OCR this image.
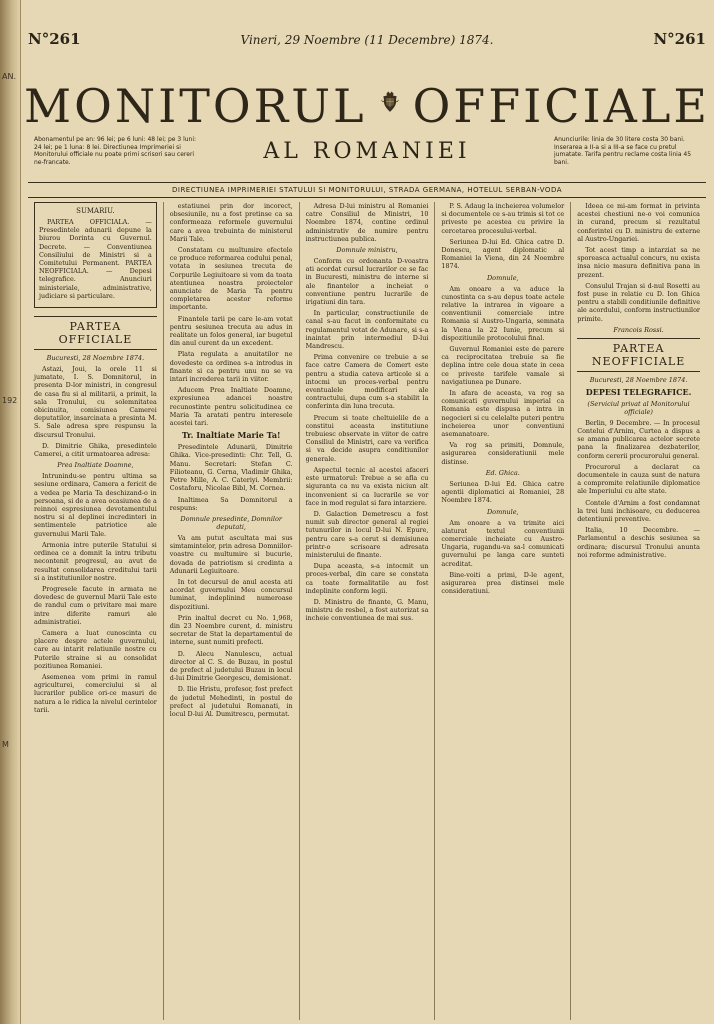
AN.
192
M
N°261	Vineri, 29 Noembre (11 Decembre) 1874.	N°261
MONITORUL OFFICIALE
AL ROMANIEI
Abonamentul pe an: 96 lei; pe 6 luni: 48 lei; pe 3 luni: 24 lei; pe 1 luna: 8 lei. Directiunea Imprimeriei si Monitorului officiale nu poate primi scrisori sau cereri ne-francate.
Anunciurile: linia de 30 litere costa 30 bani. Inserarea a II-a si a III-a se face cu pretul jumatate. Tarifa pentru reclame costa linia 45 bani.
DIRECTIUNEA IMPRIMERIEI STATULUI SI MONITORULUI, STRADA GERMANA, HOTELUL SERBAN-VODA
SUMARIU.
PARTEA OFFICIALA. — Presedintele adunarii depune la biurou Dorinta cu Guvernul. Decrete. — Conventiunea Consiliului de Ministri si a Comitetului Permanent. PARTEA NEOFFICIALA. — Depesi telegrafice. Anunciuri ministeriale, administrative, judiciare si particulare.
PARTEA OFFICIALE
Bucuresti, 28 Noembre 1874.

Astazi, Joui, la orele 11 si jumatate, I. S. Domnitorul, in presenta D-lor ministri, in congresul de casa fiu si al militarii, a primit, la sala Tronului, cu solemnitatea obicinuita, comisiunea Camerei deputatilor, insarcinata a presinta M. S. Sale adresa spre respunsu la discursul Tronului.

D. Dimitrie Ghika, presedintele Camerei, a citit urmatoarea adresa:

Prea Inaltiate Doamne,

Intrunindu-se pentru ultima sa sesiune ordinara, Camera a fericit de a vedea pe Maria Ta deschizand-o in persoana, si de a avea ocasiunea de a reinnoi espresiunea devotamentului nostru si al deplinei incredinteri in sentimentele patriotice ale guvernului Marii Tale.

Armonia intre puterile Statului si ordinea ce a domnit la intru tributu necontenit progresul, au avut de resultat consolidarea creditului tarii si a institutiunilor nostre.

Progresele facute in armata ne dovedesc de guvernul Marii Tale este de randul cum o privitare mai mare intre diferite ramuri ale administratiei.

Camera a luat cunoscinta cu placere despre actele guvernului, care au intarit relatiunile nostre cu Puterile straine si au consolidat pozitiunea Romaniei.

Asemenea vom primi in ramul agriculturei, comerciului si al lucrarilor publice ori-ce masuri de natura a le ridica la nivelul cerintelor tarii.

estatiunei prin dor incorect, obsesiunile, nu a fost pretinse ca sa conformeaza reformele guvernului care a avea trebuinta de ministerul Marii Tale.

Constatam cu multumire efectele ce produce reformarea codului penal, votata in sesiunea trecuta de Corpurile Legiuitoare si vom da toata atentiunea noastra proiectelor anunciate de Maria Ta pentru completarea acestor reforme importante.

Finantele tarii pe care le-am votat pentru sesiunea trecuta au adus in realitate un folos general, iar bugetul din anul curent da un excedent.

Plata regulata a anuitatilor ne dovedeste ca ordinea s-a introdus in finante si ca pentru unu nu se va intari increderea tarii in viitor.

Aducem Prea Inaltiate Doamne, expresiunea adancei noastre recunostinte pentru solicitudinea ce Maria Ta aratati pentru interesele acestei tari.

Tr. Inaltiate Marie Ta!

Presedintele Adunarii, Dimitrie Ghika. Vice-presedinti: Chr. Tell, G. Manu. Secretari: Stefan C. Filioteanu, G. Cerna, Vladimir Ghika, Petre Mille, A. C. Cateriyi. Membrii: Costaforu, Nicolae Bibl, M. Cornea.

Inaltimea Sa Domnitorul a respuns:

Domnule presedinte, Domnilor deputati,

Va am putut ascultata mai sus simtamintelor, prin adresa Domniilor-voastre cu multumire si bucurie, dovada de patriotism si credinta a Adunarii Legiuitoare.

In tot decursul de anul acesta ati acordat guvernului Meu concursul luminat, indeplinind numeroase dispozitiuni.

Prin inaltul decret cu No. 1,968, din 23 Noembre curent, d. ministru secretar de Stat la departamentul de interne, sunt numiti prefecti.

D. Alecu Nanulescu, actual director al C. S. de Buzau, in postul de prefect al judetului Buzau in locul d-lui Dimitrie Georgescu, demisionat.

D. Ilie Hristu, profesor, fost prefect de judetul Mehedinti, in postul de prefect al judetului Romanati, in locul D-lui Al. Dumitrescu, permutat.

Adresa D-lui ministru al Romaniei catre Consiliul de Ministri, 10 Noembre 1874, contine ordinul administrativ de numire pentru instructiunea publica.

Domnule ministru,

Conform cu ordonanta D-voastra ati acordat cursul lucrarilor ce se fac in Bucuresti, ministru de interne si ale finantelor a incheiat o conventiune pentru lucrarile de irigatiuni din tara.

In particular, constructiunile de canal s-au facut in conformitate cu regulamentul votat de Adunare, si s-a inaintat prin intermediul D-lui Mandrescu.

Prima convenire ce trebuie a se face catre Camera de Comert este pentru a studia cateva articole si a intocmi un proces-verbal pentru eventualele modificari ale contractului, dupa cum s-a stabilit la conferinta din luna trecuta.

Precum si toate cheltuielile de a constitui aceasta institutiune trebuiesc observate in viitor de catre Consiliul de Ministri, care va verifica si va decide asupra conditiunilor generale.

Aspectul tecnic al acestei afaceri este urmatorul: Trebue a se afla cu siguranta ca nu va exista niciun alt inconvenient si ca lucrarile se vor face in mod regulat si fara intarziere.

D. Galaction Demetrescu a fost numit sub director general al regiei tutunurilor in locul D-lui N. Epure, pentru care s-a cerut si demisiunea printr-o scrisoare adresata ministerului de finante.

Dupa aceasta, s-a intocmit un proces-verbal, din care se constata ca toate formalitatile au fost indeplinite conform legii.

D. Ministru de finante, G. Manu, ministru de resbel, a fost autorizat sa incheie conventiunea de mai sus.

P. S. Adaug la incheierea volumelor si documentele ce s-au trimis si tot ce priveste pe acestea cu privire la cercetarea procesului-verbal.

Seriunea D-lui Ed. Ghica catre D. Donescu, agent diplomatic al Romaniei la Viena, din 24 Noembre 1874.

Domnule,

Am onoare a va aduce la cunostinta ca s-au depus toate actele relative la intrarea in vigoare a conventiunii comerciale intre Romania si Austro-Ungaria, semnata la Viena la 22 Iunie, precum si dispozitiunile protocolului final.

Guvernul Romaniei este de parere ca reciprocitatea trebuie sa fie deplina intre cele doua state in ceea ce priveste tarifele vamale si navigatiunea pe Dunare.

In afara de aceasta, va rog sa comunicati guvernului imperial ca Romania este dispusa a intra in negocieri si cu celelalte puteri pentru incheierea unor conventiuni asemanatoare.

Va rog sa primiti, Domnule, asigurarea consideratiunii mele distinse.

Ed. Ghica.

Seriunea D-lui Ed. Ghica catre agentii diplomatici ai Romaniei, 28 Noembre 1874.

Domnule,

Am onoare a va trimite aici alaturat textul conventiunii comerciale incheiate cu Austro-Ungaria, rugandu-va sa-l comunicati guvernului pe langa care sunteti acreditat.

Bine-voiti a primi, D-le agent, asigurarea prea distinsei mele consideratiuni.

Ideea ce mi-am format in privinta acestei chestiuni ne-o voi comunica in curand, precum si rezultatul conferintei cu D. ministru de externe al Austro-Ungariei.

Tot acest timp a intarziat sa ne sporeasca actualul concurs, nu exista insa nicio masura definitiva pana in prezent.

Consulul Trajan si d-nul Rosetti au fost puse in relatie cu D. Ion Ghica pentru a stabili conditiunile definitive ale acordului, conform instructiunilor primite.

Francois Rossi.
PARTEA NEOFFICIALE
Bucuresti, 28 Noembre 1874.
DEPESI TELEGRAFICE.
(Serviciul privat al Monitorului officiale)

Berlin, 9 Decembre. — In procesul Contelui d'Arnim, Curtea a dispus a se amana publicarea actelor secrete pana la finalizarea dezbaterilor, conform cererii procurorului general.

Procurorul a declarat ca documentele in cauza sunt de natura a compromite relatiunile diplomatice ale Imperiului cu alte state.

Contele d'Arnim a fost condamnat la trei luni inchisoare, cu deducerea detentiunii preventive.

Italia, 10 Decembre. — Parlamentul a deschis sesiunea sa ordinara; discursul Tronului anunta noi reforme administrative.
